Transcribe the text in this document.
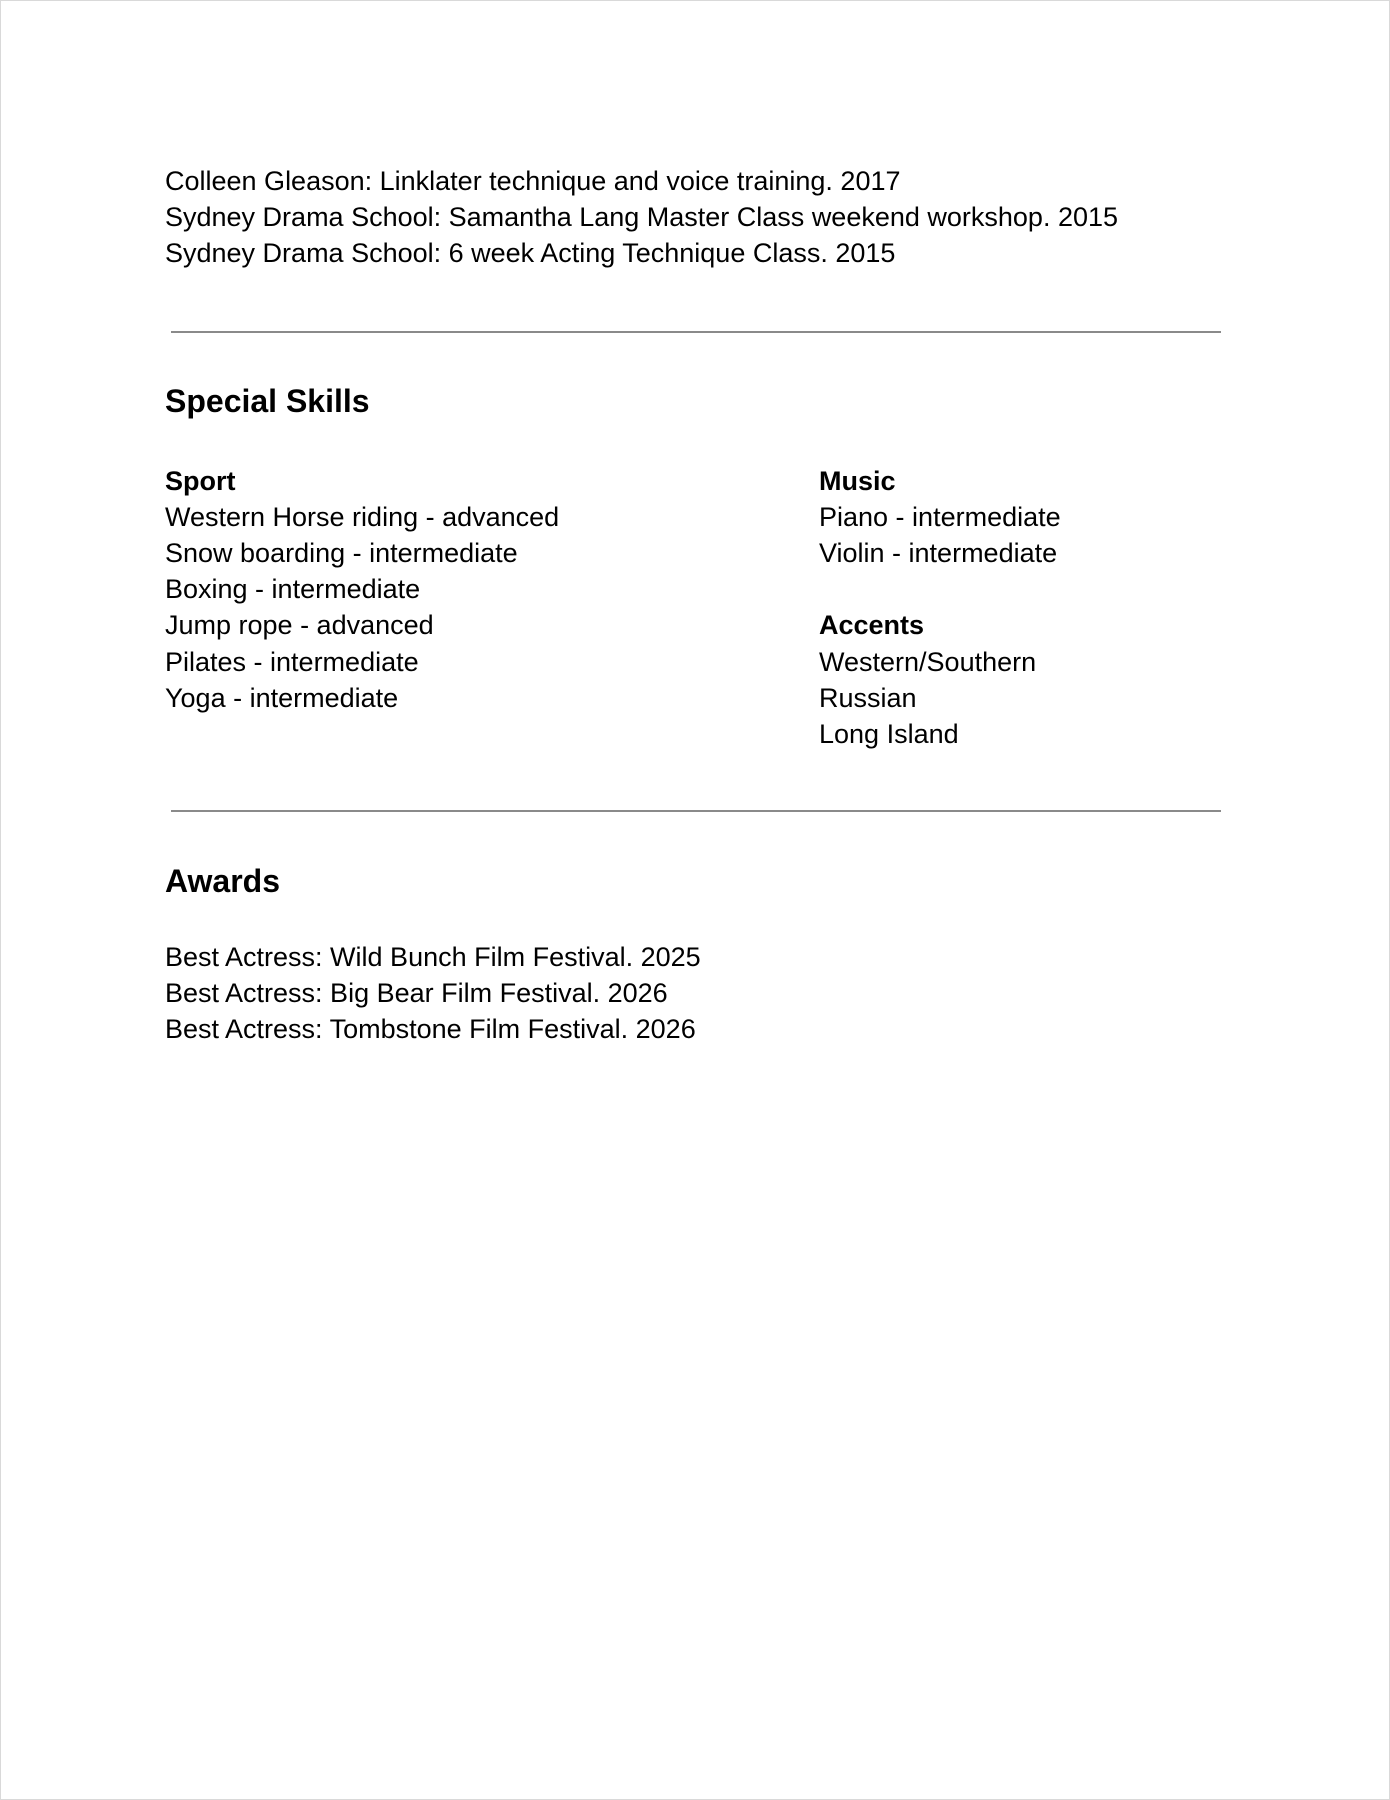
Colleen Gleason: Linklater technique and voice training. 2017
Sydney Drama School: Samantha Lang Master Class weekend workshop. 2015
Sydney Drama School: 6 week Acting Technique Class. 2015
Special Skills
Sport
Western Horse riding - advanced
Snow boarding - intermediate
Boxing - intermediate
Jump rope - advanced
Pilates - intermediate
Yoga - intermediate
Music
Piano - intermediate
Violin - intermediate
Accents
Western/Southern
Russian
Long Island
Awards
Best Actress: Wild Bunch Film Festival. 2025
Best Actress: Big Bear Film Festival. 2026
Best Actress: Tombstone Film Festival. 2026
